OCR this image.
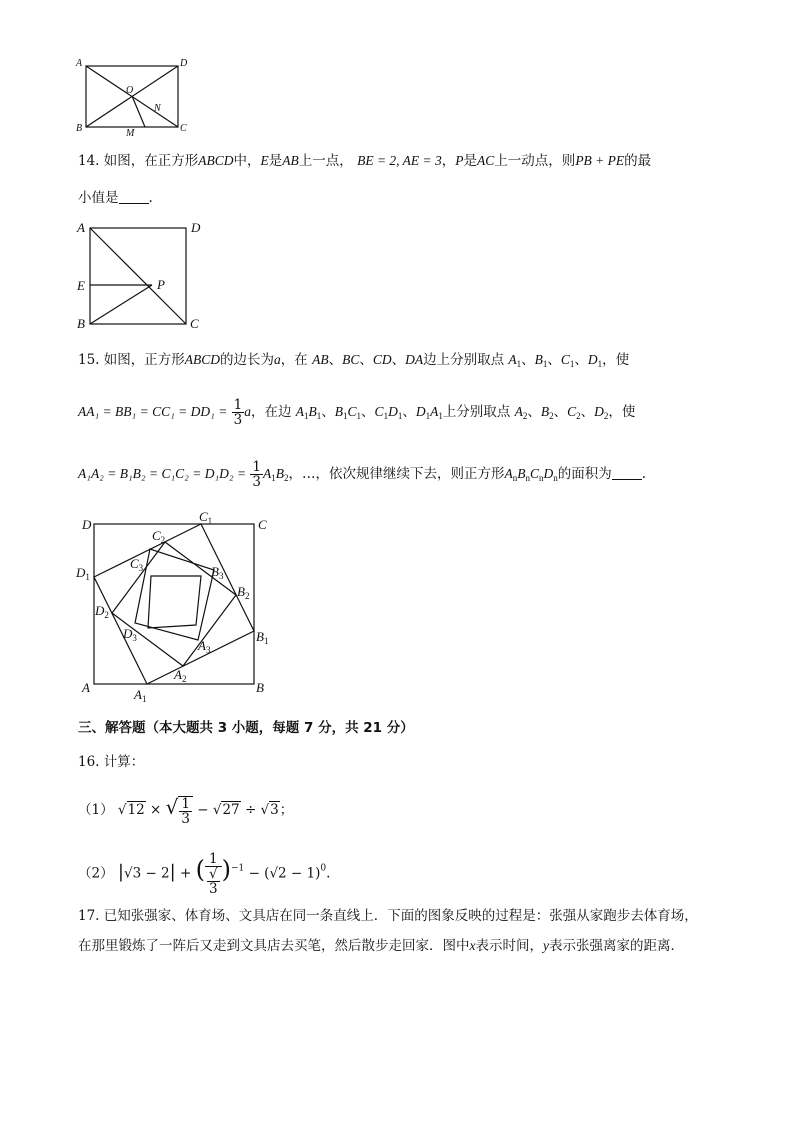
A	D
B	C
O
N
M
14. 如图，在正方形ABCD中，E是AB上一点， BE = 2, AE = 3，P是AC上一动点，则PB + PE的最
小值是 .
A	D
E	P
B	C
15. 如图，正方形ABCD的边长为a，在 AB、BC、CD、DA边上分别取点 $A_1$、$B_1$、$C_1$、$D_1$，使
$AA_1 = BB_1 = CC_1 = DD_1 = \frac{1}{3}$ a，在边 $A_1B_1$、$B_1C_1$、$C_1D_1$、$D_1A_1$上分别取点 $A_2$、$B_2$、$C_2$、$D_2$，使
$A_1A_2 = B_1B_2 = C_1C_2 = D_1D_2 = \frac{1}{3} A_1B_2$，…，依次规律继续下去，则正方形$A_nB_nC_nD_n$的面积为 .
D	C
A	B
$C_1$
$C_2$
$C_3$
$D_1$
$D_2$
$D_3$
$B_3$
$B_2$
$B_1$
$A_3$
$A_2$
$A_1$
三、解答题（本大题共 3 小题，每题 7 分，共 21 分）
16. 计算：
（1） √12 × √ $\frac{1}{3} - √27 \div √3$；
（2） |√3 − 2| + ( 1
√
3 )$^{-1} - (√2 - 1)^0$.
17. 已知张强家、体育场、文具店在同一条直线上．下面的图象反映的过程是：张强从家跑步去体育场，
在那里锻炼了一阵后又走到文具店去买笔，然后散步走回家．图中x表示时间，y表示张强离家的距离．
